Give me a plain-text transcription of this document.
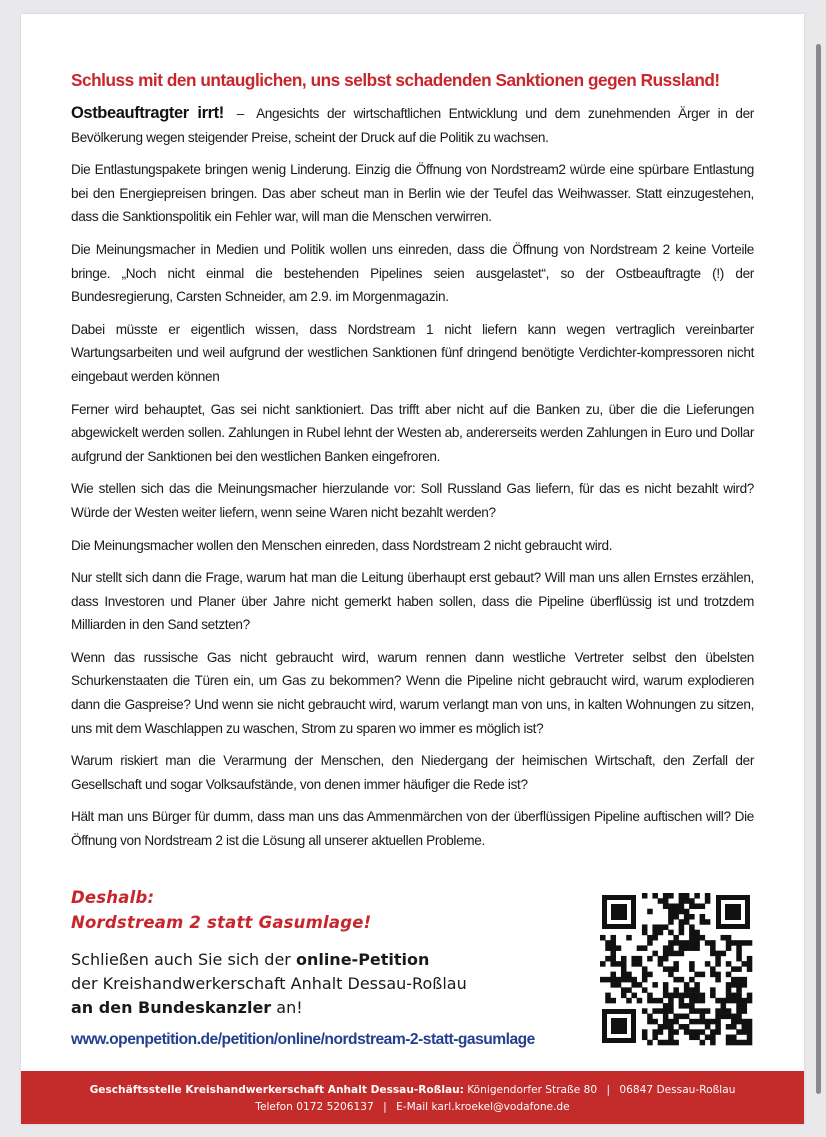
Schluss mit den untauglichen, uns selbst schadenden Sanktionen gegen Russland!

Ostbeauftragter irrt! – Angesichts der wirtschaftlichen Entwicklung und dem zunehmenden Ärger in der Bevölkerung wegen steigender Preise, scheint der Druck auf die Politik zu wachsen.

Die Entlastungspakete bringen wenig Linderung. Einzig die Öffnung von Nordstream2 würde eine spürbare Entlastung bei den Energiepreisen bringen. Das aber scheut man in Berlin wie der Teufel das Weihwasser. Statt einzugestehen, dass die Sanktionspolitik ein Fehler war, will man die Menschen verwirren.

Die Meinungsmacher in Medien und Politik wollen uns einreden, dass die Öffnung von Nordstream 2 keine Vorteile bringe. „Noch nicht einmal die bestehenden Pipelines seien ausgelastet“, so der Ostbeauftragte (!) der Bundesregierung, Carsten Schneider, am 2.9. im Morgenmagazin.

Dabei müsste er eigentlich wissen, dass Nordstream 1 nicht liefern kann wegen vertraglich vereinbarter Wartungsarbeiten und weil aufgrund der westlichen Sanktionen fünf dringend benötigte Verdichter-kompressoren nicht eingebaut werden können

Ferner wird behauptet, Gas sei nicht sanktioniert. Das trifft aber nicht auf die Banken zu, über die die Lieferungen abgewickelt werden sollen. Zahlungen in Rubel lehnt der Westen ab, andererseits werden Zahlungen in Euro und Dollar aufgrund der Sanktionen bei den westlichen Banken eingefroren.

Wie stellen sich das die Meinungsmacher hierzulande vor: Soll Russland Gas liefern, für das es nicht bezahlt wird? Würde der Westen weiter liefern, wenn seine Waren nicht bezahlt werden?

Die Meinungsmacher wollen den Menschen einreden, dass Nordstream 2 nicht gebraucht wird.

Nur stellt sich dann die Frage, warum hat man die Leitung überhaupt erst gebaut? Will man uns allen Ernstes erzählen, dass Investoren und Planer über Jahre nicht gemerkt haben sollen, dass die Pipeline überflüssig ist und trotzdem Milliarden in den Sand setzten?

Wenn das russische Gas nicht gebraucht wird, warum rennen dann westliche Vertreter selbst den übelsten Schurkenstaaten die Türen ein, um Gas zu bekommen? Wenn die Pipeline nicht gebraucht wird, warum explodieren dann die Gaspreise? Und wenn sie nicht gebraucht wird, warum verlangt man von uns, in kalten Wohnungen zu sitzen, uns mit dem Waschlappen zu waschen, Strom zu sparen wo immer es möglich ist?

Warum riskiert man die Verarmung der Menschen, den Niedergang der heimischen Wirtschaft, den Zerfall der Gesellschaft und sogar Volksaufstände, von denen immer häufiger die Rede ist?

Hält man uns Bürger für dumm, dass man uns das Ammenmärchen von der überflüssigen Pipeline auftischen will? Die Öffnung von Nordstream 2 ist die Lösung all unserer aktuellen Probleme.

Deshalb:
Nordstream 2 statt Gasumlage!
Schließen auch Sie sich der online-Petition
der Kreishandwerkerschaft Anhalt Dessau-Roßlau
an den Bundeskanzler an!
www.openpetition.de/petition/online/nordstream-2-statt-gasumlage
Geschäftsstelle Kreishandwerkerschaft Anhalt Dessau-Roßlau: Königendorfer Straße 80 | 06847 Dessau-Roßlau
Telefon 0172 5206137 | E-Mail karl.kroekel@vodafone.de
